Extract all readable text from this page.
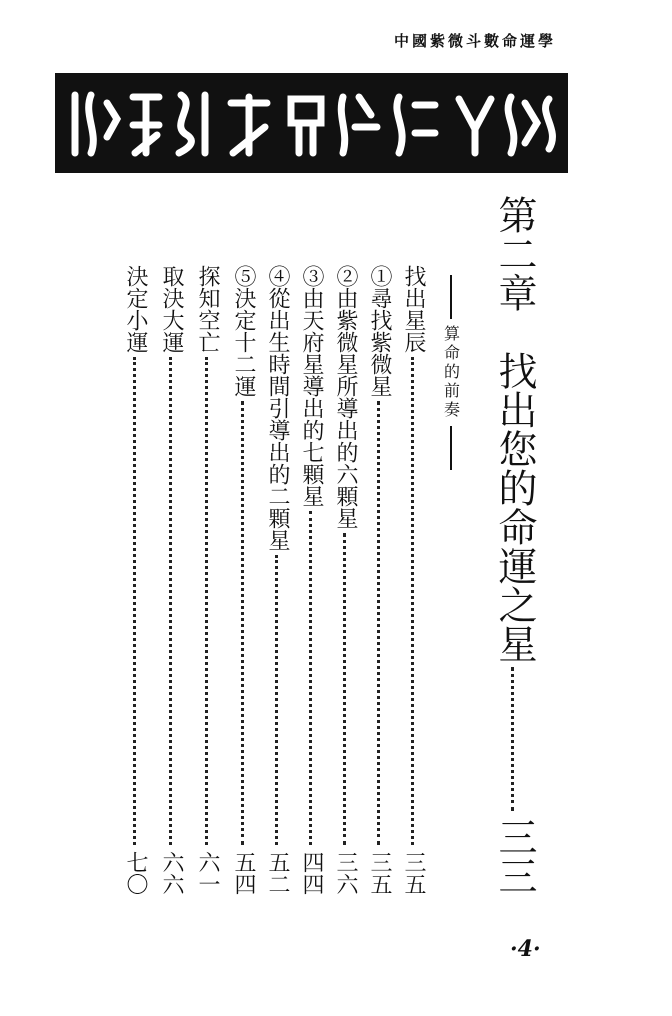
中國紫微斗數命運學
第二章　找出您的命運之星
三三
算命的前奏
找出星辰
三五
①尋找紫微星
三五
②由紫微星所導出的六顆星
三六
③由天府星導出的七顆星
四四
④從出生時間引導出的二顆星
五二
⑤決定十二運
五四
探知空亡
六一
取決大運
六六
決定小運
七〇
·4·
